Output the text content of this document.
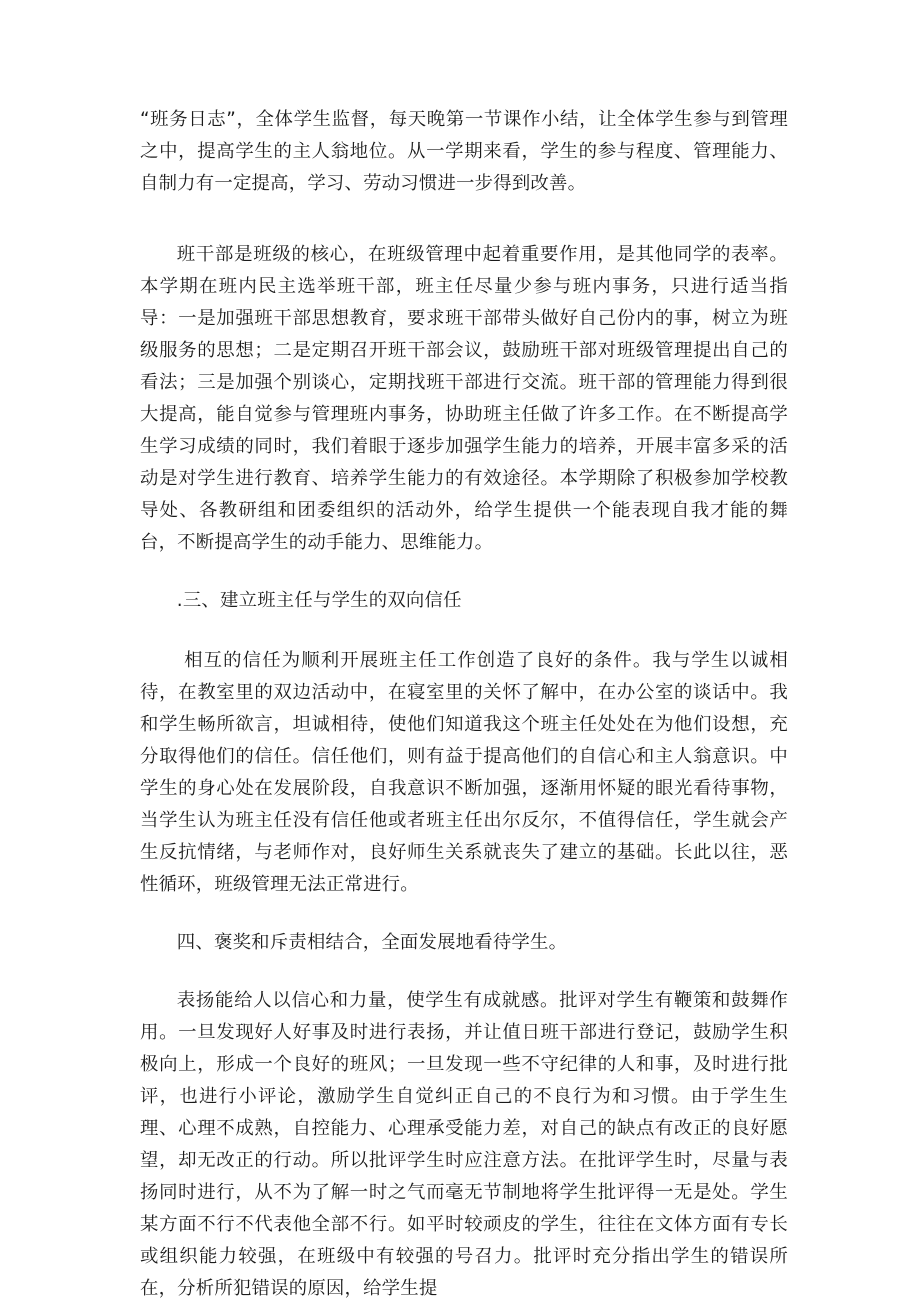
“班务日志”，全体学生监督，每天晚第一节课作小结，让全体学生参与到管理之中，提高学生的主人翁地位。从一学期来看，学生的参与程度、管理能力、自制力有一定提高，学习、劳动习惯进一步得到改善。

班干部是班级的核心，在班级管理中起着重要作用，是其他同学的表率。本学期在班内民主选举班干部，班主任尽量少参与班内事务，只进行适当指导：一是加强班干部思想教育，要求班干部带头做好自己份内的事，树立为班级服务的思想；二是定期召开班干部会议，鼓励班干部对班级管理提出自己的看法；三是加强个别谈心，定期找班干部进行交流。班干部的管理能力得到很大提高，能自觉参与管理班内事务，协助班主任做了许多工作。在不断提高学生学习成绩的同时，我们着眼于逐步加强学生能力的培养，开展丰富多采的活动是对学生进行教育、培养学生能力的有效途径。本学期除了积极参加学校教导处、各教研组和团委组织的活动外，给学生提供一个能表现自我才能的舞台，不断提高学生的动手能力、思维能力。

.三、建立班主任与学生的双向信任

相互的信任为顺利开展班主任工作创造了良好的条件。我与学生以诚相待，在教室里的双边活动中，在寝室里的关怀了解中，在办公室的谈话中。我和学生畅所欲言，坦诚相待，使他们知道我这个班主任处处在为他们设想，充分取得他们的信任。信任他们，则有益于提高他们的自信心和主人翁意识。中学生的身心处在发展阶段，自我意识不断加强，逐渐用怀疑的眼光看待事物，当学生认为班主任没有信任他或者班主任出尔反尔，不值得信任，学生就会产生反抗情绪，与老师作对，良好师生关系就丧失了建立的基础。长此以往，恶性循环，班级管理无法正常进行。

四、褒奖和斥责相结合，全面发展地看待学生。

表扬能给人以信心和力量，使学生有成就感。批评对学生有鞭策和鼓舞作用。一旦发现好人好事及时进行表扬，并让值日班干部进行登记，鼓励学生积极向上，形成一个良好的班风；一旦发现一些不守纪律的人和事，及时进行批评，也进行小评论，激励学生自觉纠正自己的不良行为和习惯。由于学生生理、心理不成熟，自控能力、心理承受能力差，对自己的缺点有改正的良好愿望，却无改正的行动。所以批评学生时应注意方法。在批评学生时，尽量与表扬同时进行，从不为了解一时之气而毫无节制地将学生批评得一无是处。学生某方面不行不代表他全部不行。如平时较顽皮的学生，往往在文体方面有专长或组织能力较强，在班级中有较强的号召力。批评时充分指出学生的错误所在，分析所犯错误的原因，给学生提
